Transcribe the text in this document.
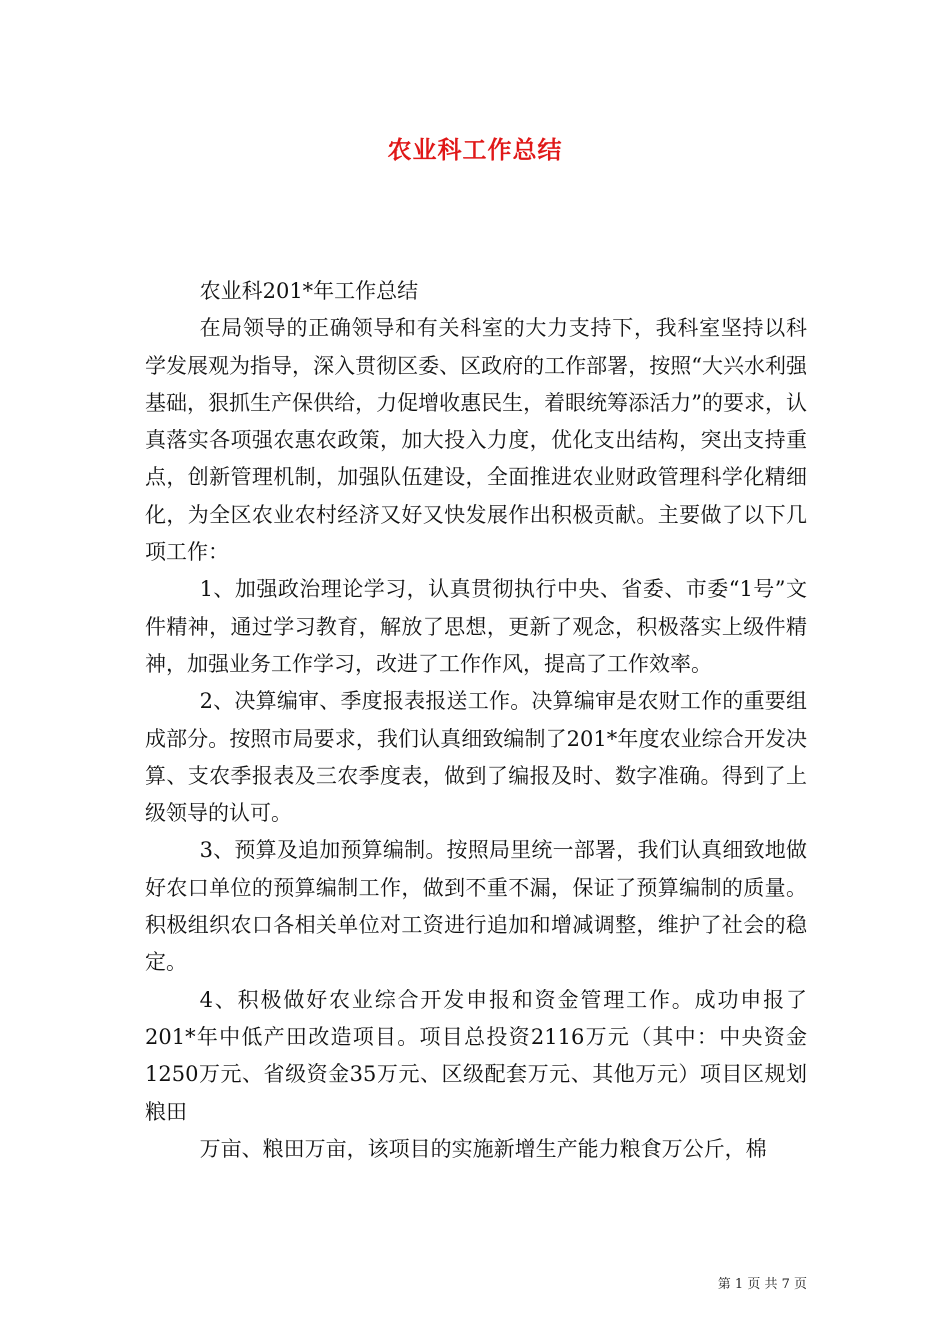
农业科工作总结

农业科201*年工作总结

在局领导的正确领导和有关科室的大力支持下，我科室坚持以科学发展观为指导，深入贯彻区委、区政府的工作部署，按照“大兴水利强基础，狠抓生产保供给，力促增收惠民生，着眼统筹添活力”的要求，认真落实各项强农惠农政策，加大投入力度，优化支出结构，突出支持重点，创新管理机制，加强队伍建设，全面推进农业财政管理科学化精细化，为全区农业农村经济又好又快发展作出积极贡献。主要做了以下几项工作：

1、加强政治理论学习，认真贯彻执行中央、省委、市委“1号”文件精神，通过学习教育，解放了思想，更新了观念，积极落实上级件精神，加强业务工作学习，改进了工作作风，提高了工作效率。

2、决算编审、季度报表报送工作。决算编审是农财工作的重要组成部分。按照市局要求，我们认真细致编制了201*年度农业综合开发决算、支农季报表及三农季度表，做到了编报及时、数字准确。得到了上级领导的认可。

3、预算及追加预算编制。按照局里统一部署，我们认真细致地做好农口单位的预算编制工作，做到不重不漏，保证了预算编制的质量。积极组织农口各相关单位对工资进行追加和增减调整，维护了社会的稳定。

4、积极做好农业综合开发申报和资金管理工作。成功申报了201*年中低产田改造项目。项目总投资2116万元（其中：中央资金1250万元、省级资金35万元、区级配套万元、其他万元）项目区规划粮田

万亩、粮田万亩，该项目的实施新增生产能力粮食万公斤，棉

第 1 页 共 7 页
